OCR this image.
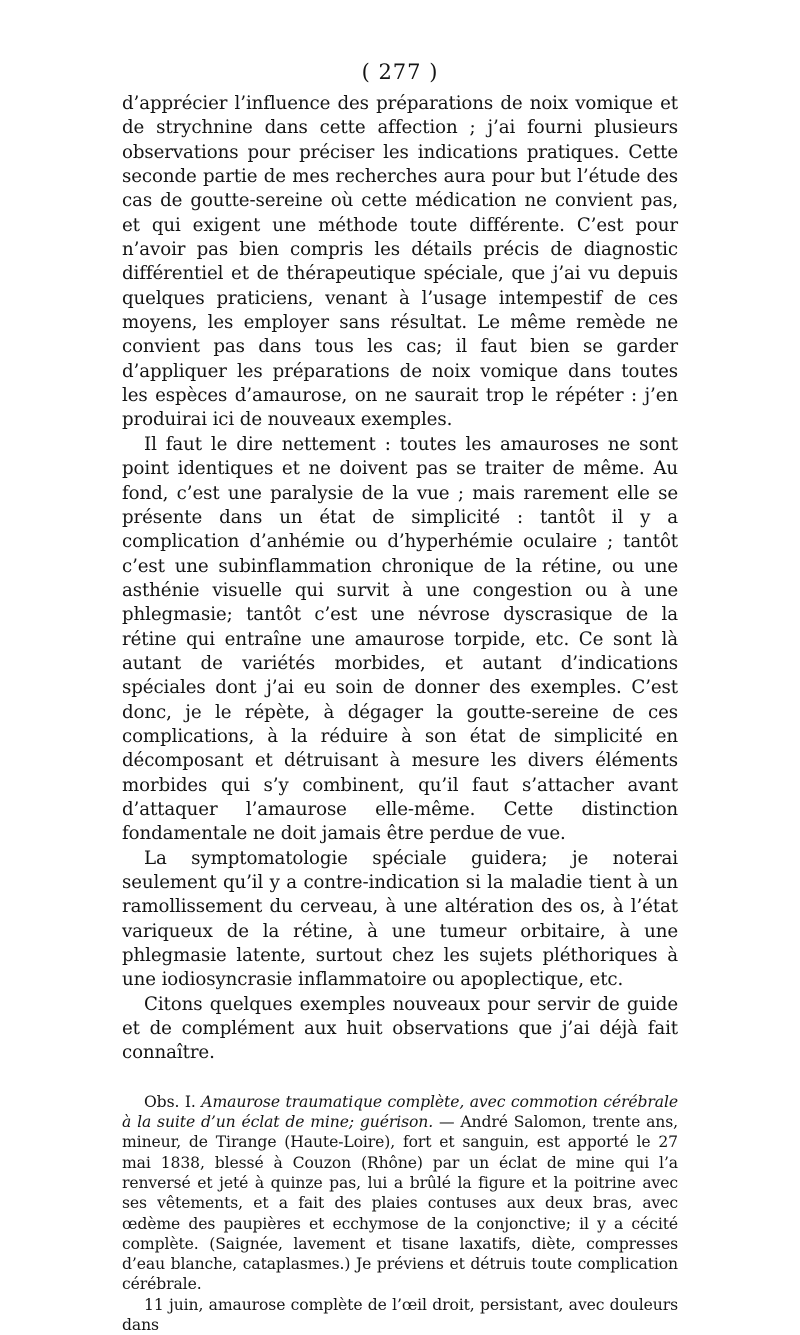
( 277 )

d’apprécier l’influence des préparations de noix vomique et de strychnine dans cette affection ; j’ai fourni plusieurs observations pour préciser les indications pratiques. Cette seconde partie de mes recherches aura pour but l’étude des cas de goutte-sereine où cette médication ne convient pas, et qui exigent une méthode toute différente. C’est pour n’avoir pas bien compris les détails précis de diagnostic différentiel et de thérapeutique spéciale, que j’ai vu depuis quelques praticiens, venant à l’usage intempestif de ces moyens, les employer sans résultat. Le même remède ne convient pas dans tous les cas; il faut bien se garder d’appliquer les préparations de noix vomique dans toutes les espèces d’amaurose, on ne saurait trop le répéter : j’en produirai ici de nouveaux exemples.

Il faut le dire nettement : toutes les amauroses ne sont point identiques et ne doivent pas se traiter de même. Au fond, c’est une paralysie de la vue ; mais rarement elle se présente dans un état de simplicité : tantôt il y a complication d’anhémie ou d’hyperhémie oculaire ; tantôt c’est une subinflammation chronique de la rétine, ou une asthénie visuelle qui survit à une congestion ou à une phlegmasie; tantôt c’est une névrose dyscrasique de la rétine qui entraîne une amaurose torpide, etc. Ce sont là autant de variétés morbides, et autant d’indications spéciales dont j’ai eu soin de donner des exemples. C’est donc, je le répète, à dégager la goutte-sereine de ces complications, à la réduire à son état de simplicité en décomposant et détruisant à mesure les divers éléments morbides qui s’y combinent, qu’il faut s’attacher avant d’attaquer l’amaurose elle-même. Cette distinction fondamentale ne doit jamais être perdue de vue.

La symptomatologie spéciale guidera; je noterai seulement qu’il y a contre-indication si la maladie tient à un ramollissement du cerveau, à une altération des os, à l’état variqueux de la rétine, à une tumeur orbitaire, à une phlegmasie latente, surtout chez les sujets pléthoriques à une iodiosyncrasie inflammatoire ou apoplectique, etc.

Citons quelques exemples nouveaux pour servir de guide et de complément aux huit observations que j’ai déjà fait connaître.

Obs. I. Amaurose traumatique complète, avec commotion cérébrale à la suite d’un éclat de mine; guérison. — André Salomon, trente ans, mineur, de Tirange (Haute-Loire), fort et sanguin, est apporté le 27 mai 1838, blessé à Couzon (Rhône) par un éclat de mine qui l’a renversé et jeté à quinze pas, lui a brûlé la figure et la poitrine avec ses vêtements, et a fait des plaies contuses aux deux bras, avec œdème des paupières et ecchymose de la conjonctive; il y a cécité complète. (Saignée, lavement et tisane laxatifs, diète, compresses d’eau blanche, cataplasmes.) Je préviens et détruis toute complication cérébrale.

11 juin, amaurose complète de l’œil droit, persistant, avec douleurs dans
